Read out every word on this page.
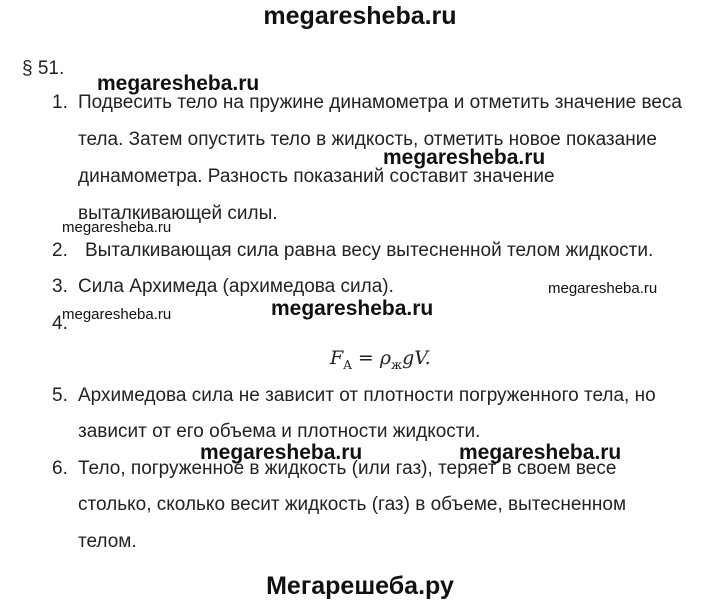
megaresheba.ru
§ 51.
1. Подвесить тело на пружине динамометра и отметить значение веса
тела. Затем опустить тело в жидкость, отметить новое показание
динамометра. Разность показаний составит значение
выталкивающей силы.
2. Выталкивающая сила равна весу вытесненной телом жидкости.
3. Сила Архимеда (архимедова сила).
4.
$F_A = \rho_жgV$.
5. Архимедова сила не зависит от плотности погруженного тела, но
зависит от его объема и плотности жидкости.
6. Тело, погруженное в жидкость (или газ), теряет в своем весе
столько, сколько весит жидкость (газ) в объеме, вытесненном
телом.
megaresheba.ru
megaresheba.ru
megaresheba.ru
megaresheba.ru
megaresheba.ru
megaresheba.ru
megaresheba.ru	megaresheba.ru
Мегарешеба.ру
